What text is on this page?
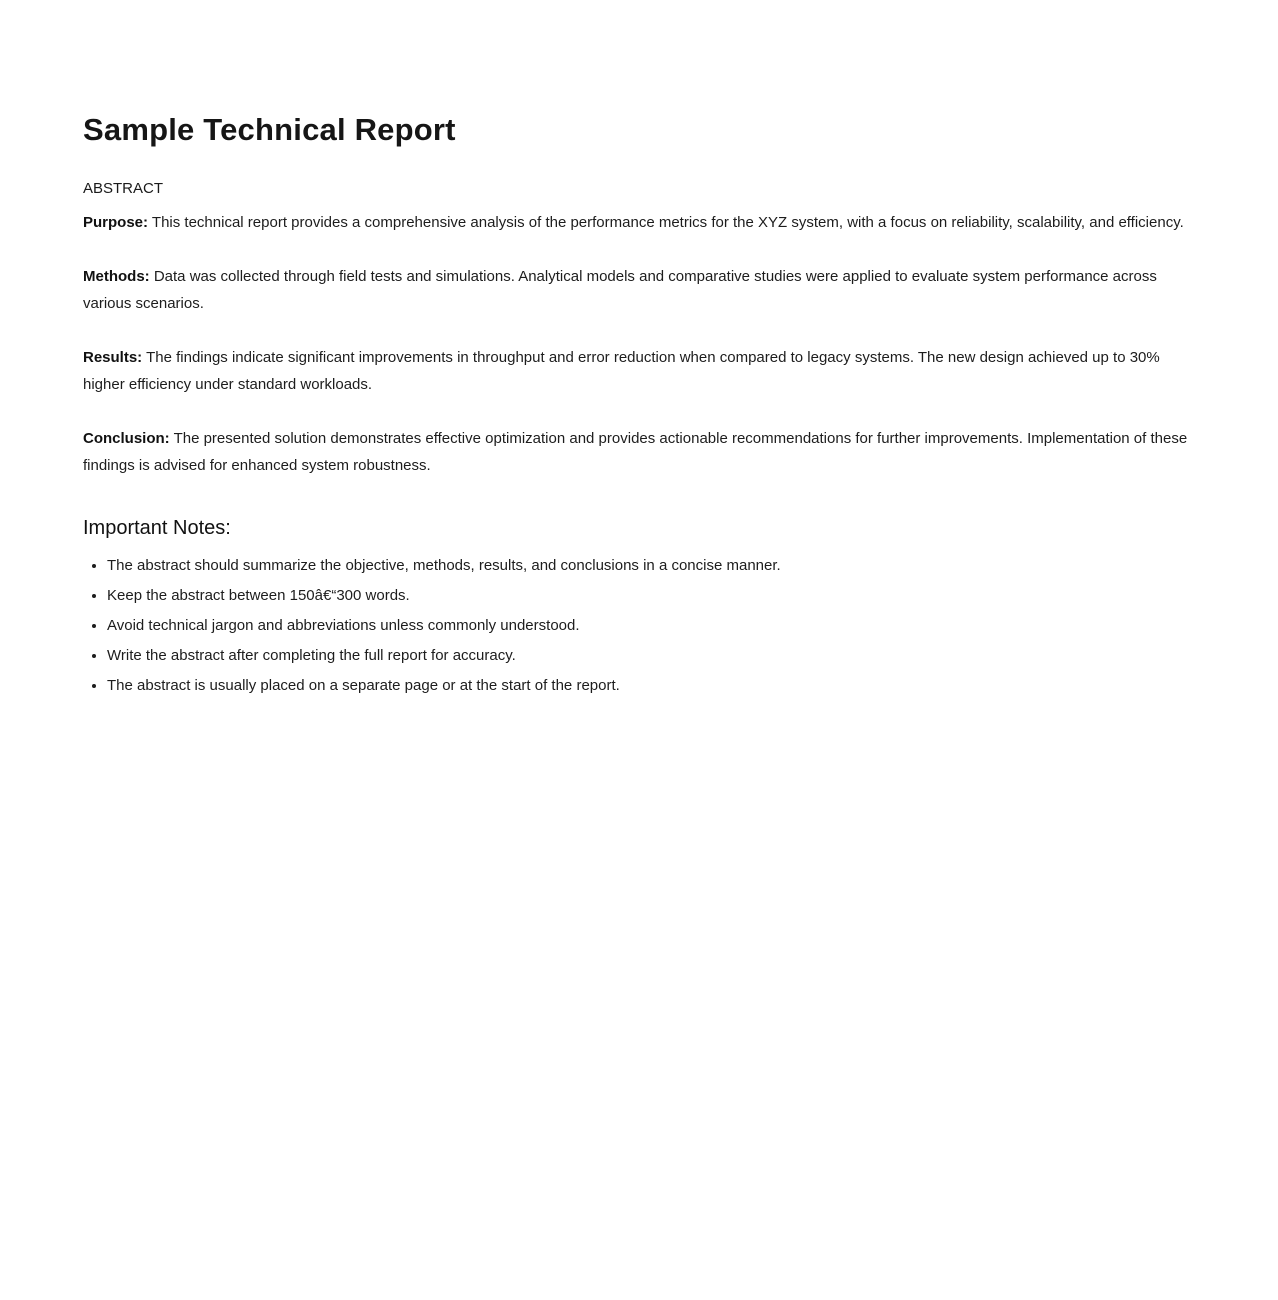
Sample Technical Report
ABSTRACT

Purpose: This technical report provides a comprehensive analysis of the performance metrics for the XYZ system, with a focus on reliability, scalability, and efficiency.

Methods: Data was collected through field tests and simulations. Analytical models and comparative studies were applied to evaluate system performance across various scenarios.

Results: The findings indicate significant improvements in throughput and error reduction when compared to legacy systems. The new design achieved up to 30% higher efficiency under standard workloads.

Conclusion: The presented solution demonstrates effective optimization and provides actionable recommendations for further improvements. Implementation of these findings is advised for enhanced system robustness.

Important Notes:
• The abstract should summarize the objective, methods, results, and conclusions in a concise manner.
• Keep the abstract between 150â€“300 words.
• Avoid technical jargon and abbreviations unless commonly understood.
• Write the abstract after completing the full report for accuracy.
• The abstract is usually placed on a separate page or at the start of the report.
